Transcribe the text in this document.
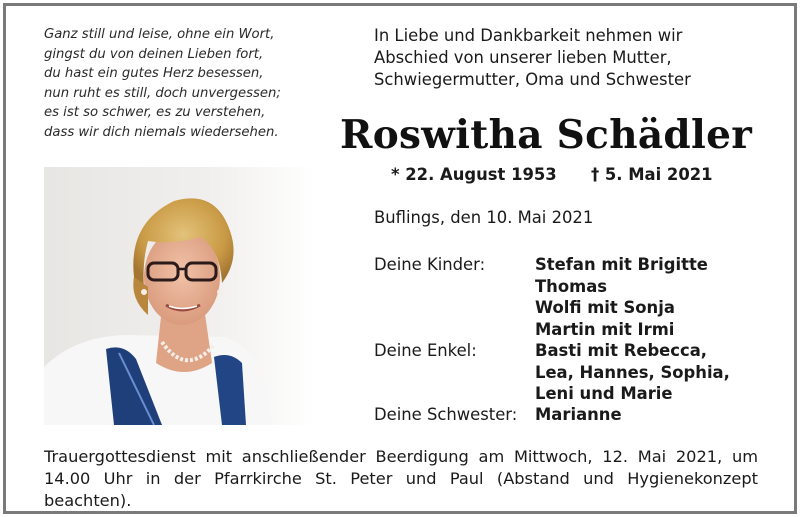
Ganz still und leise, ohne ein Wort,
gingst du von deinen Lieben fort,
du hast ein gutes Herz besessen,
nun ruht es still, doch unvergessen;
es ist so schwer, es zu verstehen,
dass wir dich niemals wiedersehen.
In Liebe und Dankbarkeit nehmen wir
Abschied von unserer lieben Mutter,
Schwiegermutter, Oma und Schwester
Roswitha Schädler
* 22. August 1953 † 5. Mai 2021
Buflings, den 10. Mai 2021
Deine Kinder:	Stefan mit Brigitte
Thomas
Wolfi mit Sonja
Martin mit Irmi
Deine Enkel:	Basti mit Rebecca,
Lea, Hannes, Sophia,
Leni und Marie
Deine Schwester: Marianne
Trauergottesdienst mit anschließender Beerdigung am Mittwoch, 12. Mai 2021, um
14.00 Uhr in der Pfarrkirche St. Peter und Paul (Abstand und Hygienekonzept beachten).
